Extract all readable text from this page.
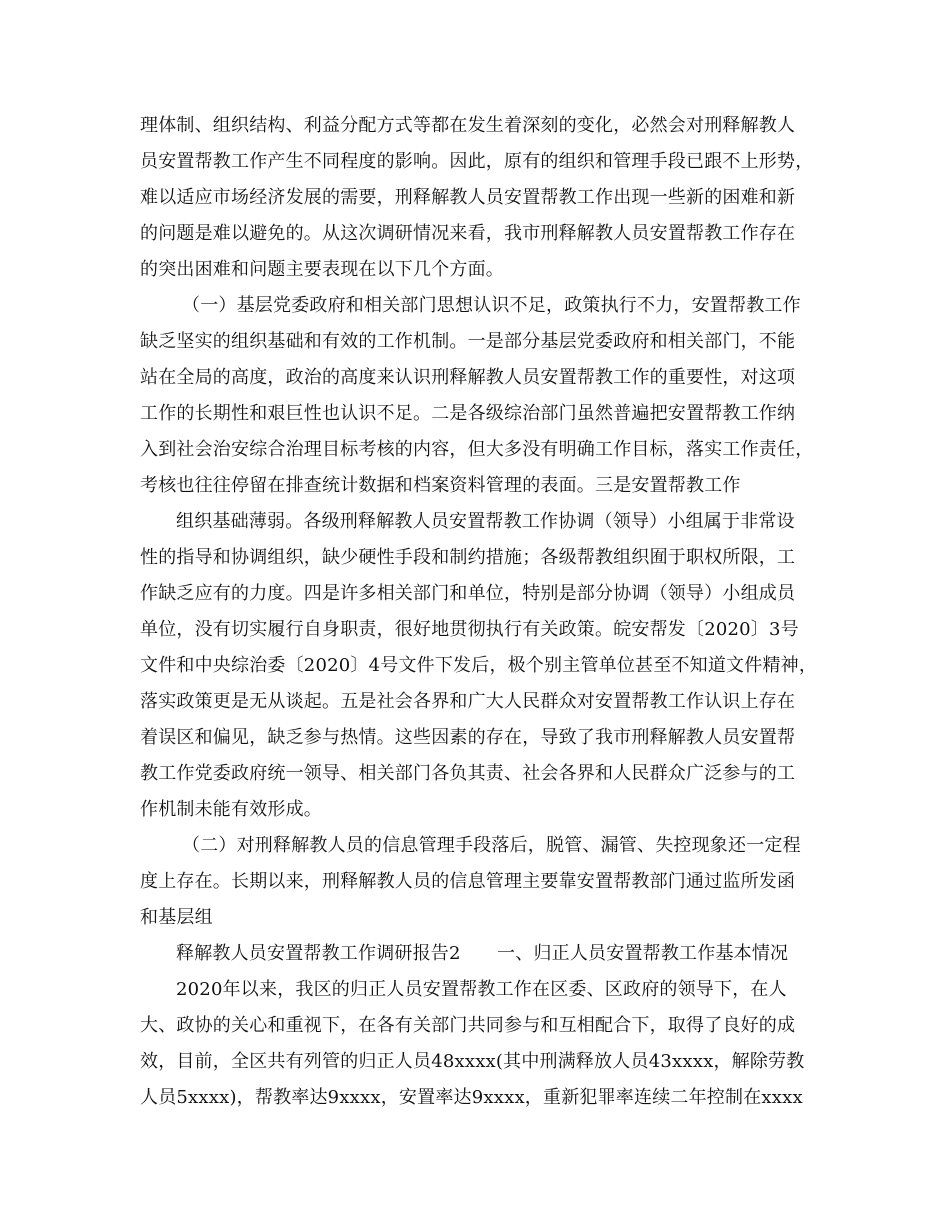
理体制、组织结构、利益分配方式等都在发生着深刻的变化，必然会对刑释解教人
员安置帮教工作产生不同程度的影响。因此，原有的组织和管理手段已跟不上形势，
难以适应市场经济发展的需要，刑释解教人员安置帮教工作出现一些新的困难和新
的问题是难以避免的。从这次调研情况来看，我市刑释解教人员安置帮教工作存在
的突出困难和问题主要表现在以下几个方面。
（一）基层党委政府和相关部门思想认识不足，政策执行不力，安置帮教工作
缺乏坚实的组织基础和有效的工作机制。一是部分基层党委政府和相关部门，不能
站在全局的高度，政治的高度来认识刑释解教人员安置帮教工作的重要性，对这项
工作的长期性和艰巨性也认识不足。二是各级综治部门虽然普遍把安置帮教工作纳
入到社会治安综合治理目标考核的内容，但大多没有明确工作目标，落实工作责任，
考核也往往停留在排查统计数据和档案资料管理的表面。三是安置帮教工作
组织基础薄弱。各级刑释解教人员安置帮教工作协调（领导）小组属于非常设
性的指导和协调组织，缺少硬性手段和制约措施；各级帮教组织囿于职权所限，工
作缺乏应有的力度。四是许多相关部门和单位，特别是部分协调（领导）小组成员
单位，没有切实履行自身职责，很好地贯彻执行有关政策。皖安帮发〔2020〕3号
文件和中央综治委〔2020〕4号文件下发后，极个别主管单位甚至不知道文件精神，
落实政策更是无从谈起。五是社会各界和广大人民群众对安置帮教工作认识上存在
着误区和偏见，缺乏参与热情。这些因素的存在，导致了我市刑释解教人员安置帮
教工作党委政府统一领导、相关部门各负其责、社会各界和人民群众广泛参与的工
作机制未能有效形成。
（二）对刑释解教人员的信息管理手段落后，脱管、漏管、失控现象还一定程
度上存在。长期以来，刑释解教人员的信息管理主要靠安置帮教部门通过监所发函
和基层组
释解教人员安置帮教工作调研报告2　　一、归正人员安置帮教工作基本情况
2020年以来，我区的归正人员安置帮教工作在区委、区政府的领导下，在人
大、政协的关心和重视下，在各有关部门共同参与和互相配合下，取得了良好的成
效，目前，全区共有列管的归正人员48xxxx(其中刑满释放人员43xxxx，解除劳教
人员5xxxx)，帮教率达9xxxx，安置率达9xxxx，重新犯罪率连续二年控制在xxxx
